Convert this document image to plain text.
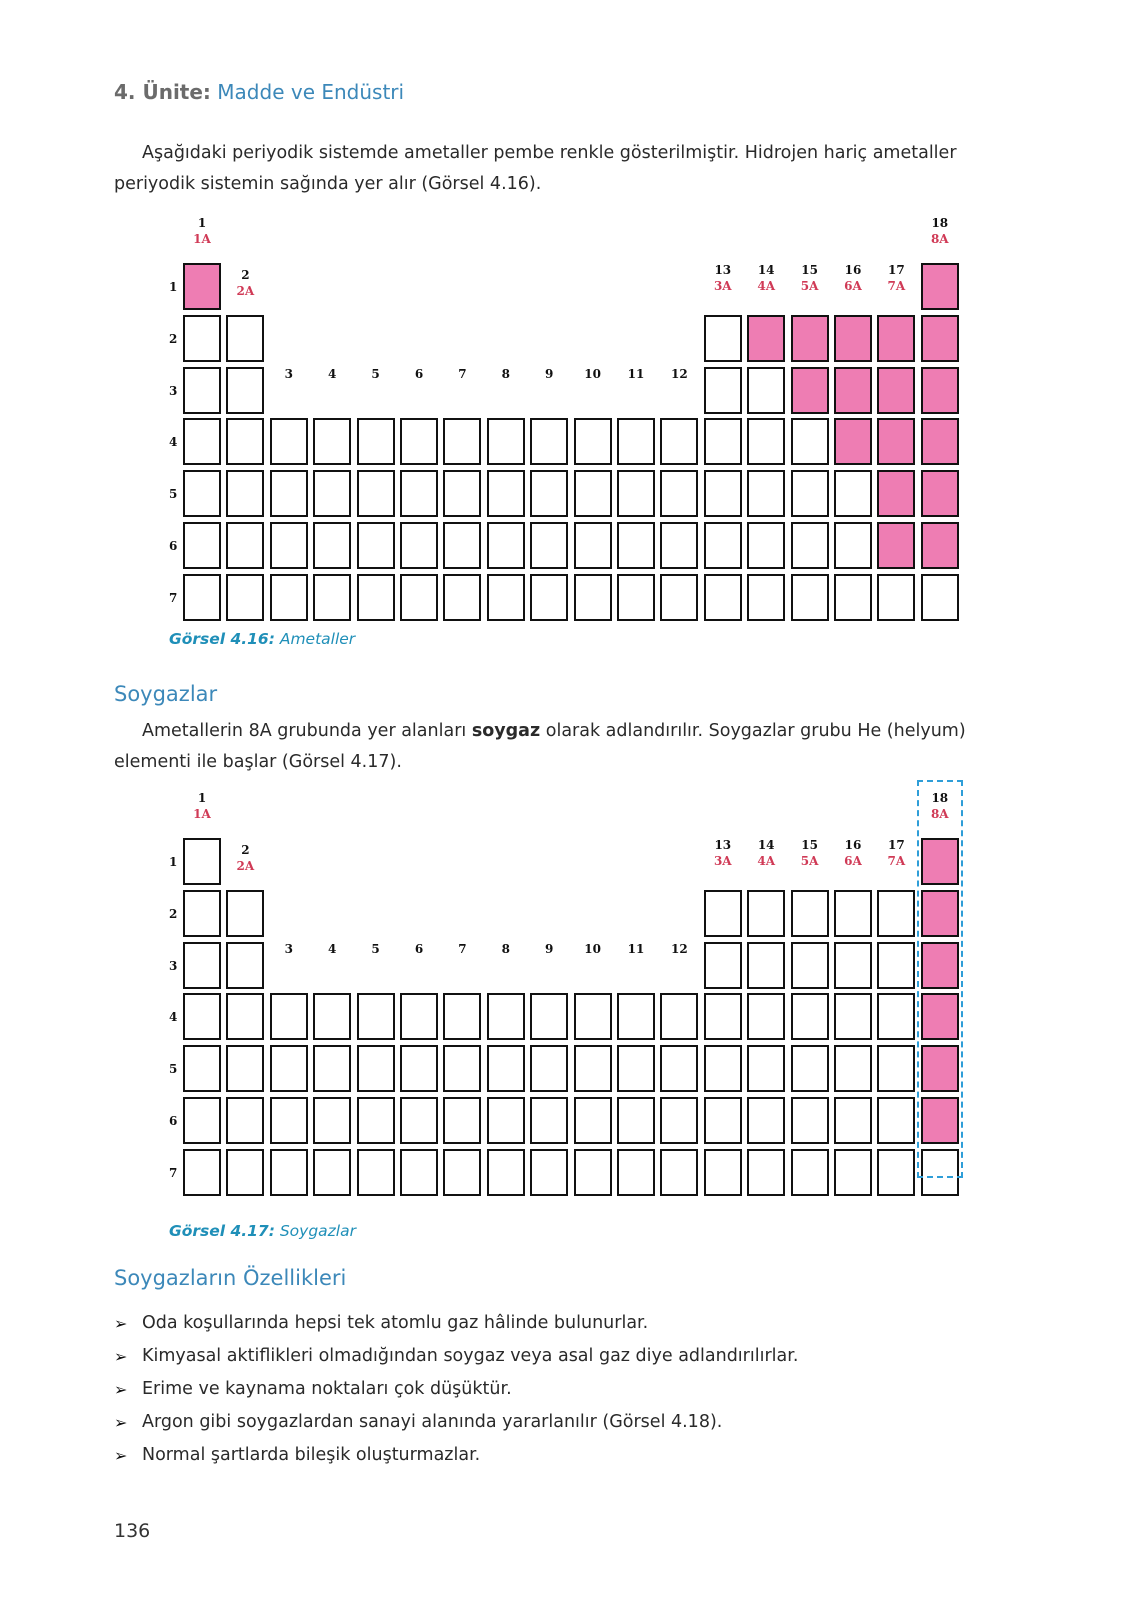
4. Ünite: Madde ve Endüstri
Aşağıdaki periyodik sistemde ametaller pembe renkle gösterilmiştir. Hidrojen hariç ametaller periyodik sistemin sağında yer alır (Görsel 4.16).
1
2
3
4
5
6
7
1
1A
2
2A
3	4	5	6	7	8	9	10	11	12
13
3A
14
4A
15
5A
16
6A
17
7A
18
8A
Görsel 4.16: Ametaller
Soygazlar
Ametallerin 8A grubunda yer alanları soygaz olarak adlandırılır. Soygazlar grubu He (helyum) elementi ile başlar (Görsel 4.17).
1
2
3
4
5
6
7
1
1A
2
2A
3	4	5	6	7	8	9	10	11	12
13
3A
14
4A
15
5A
16
6A
17
7A
18
8A
Görsel 4.17: Soygazlar
Soygazların Özellikleri
➢ Oda koşullarında hepsi tek atomlu gaz hâlinde bulunurlar.
➢ Kimyasal aktiflikleri olmadığından soygaz veya asal gaz diye adlandırılırlar.
➢ Erime ve kaynama noktaları çok düşüktür.
➢ Argon gibi soygazlardan sanayi alanında yararlanılır (Görsel 4.18).
➢ Normal şartlarda bileşik oluşturmazlar.
136
